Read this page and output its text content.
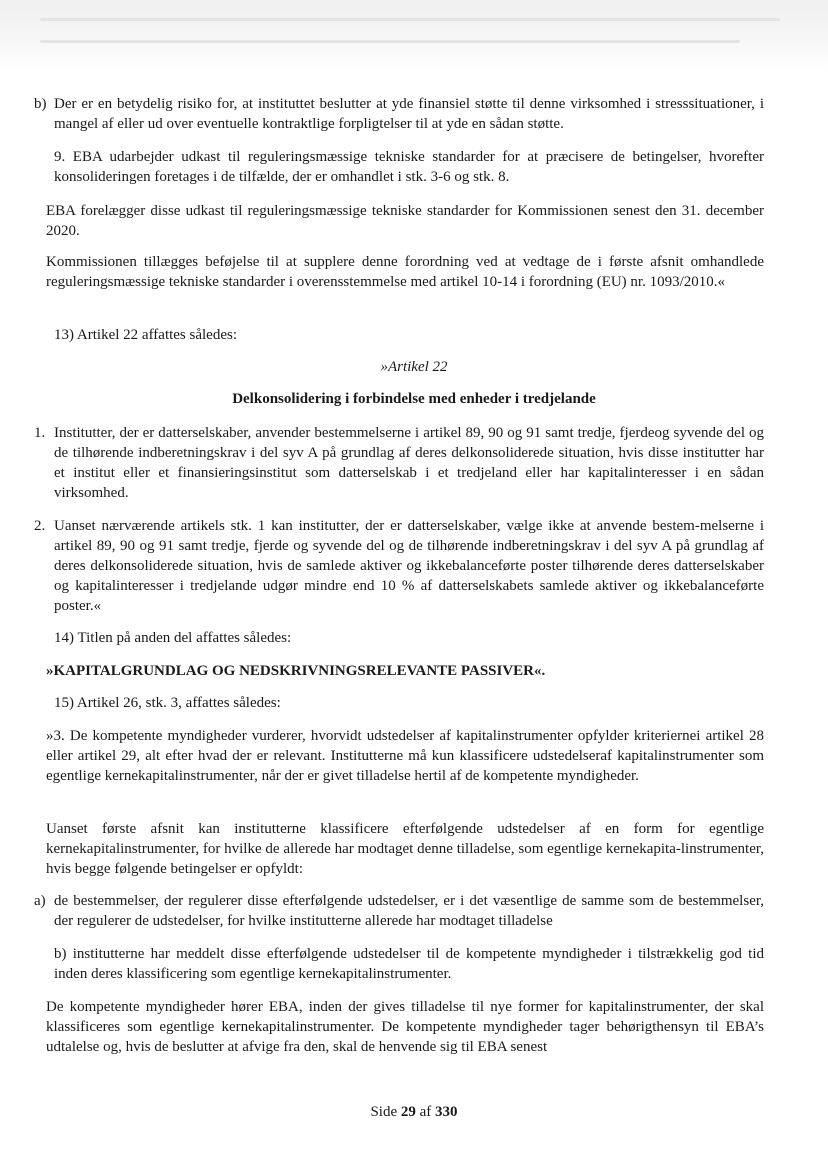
b) Der er en betydelig risiko for, at instituttet beslutter at yde finansiel støtte til denne virksomhed i stresssituationer, i mangel af eller ud over eventuelle kontraktlige forpligtelser til at yde en sådan støtte.
9. EBA udarbejder udkast til reguleringsmæssige tekniske standarder for at præcisere de betingelser, hvorefter konsolideringen foretages i de tilfælde, der er omhandlet i stk. 3-6 og stk. 8.
EBA forelægger disse udkast til reguleringsmæssige tekniske standarder for Kommissionen senest den 31. december 2020.
Kommissionen tillægges beføjelse til at supplere denne forordning ved at vedtage de i første afsnit omhandlede reguleringsmæssige tekniske standarder i overensstemmelse med artikel 10-14 i forordning (EU) nr. 1093/2010.«
13) Artikel 22 affattes således:
»Artikel 22
Delkonsolidering i forbindelse med enheder i tredjelande
1. Institutter, der er datterselskaber, anvender bestemmelserne i artikel 89, 90 og 91 samt tredje, fjerdeog syvende del og de tilhørende indberetningskrav i del syv A på grundlag af deres delkonsoliderede situation, hvis disse institutter har et institut eller et finansieringsinstitut som datterselskab i et tredjeland eller har kapitalinteresser i en sådan virksomhed.
2. Uanset nærværende artikels stk. 1 kan institutter, der er datterselskaber, vælge ikke at anvende bestem-melserne i artikel 89, 90 og 91 samt tredje, fjerde og syvende del og de tilhørende indberetningskrav i del syv A på grundlag af deres delkonsoliderede situation, hvis de samlede aktiver og ikkebalanceførte poster tilhørende deres datterselskaber og kapitalinteresser i tredjelande udgør mindre end 10 % af datterselskabets samlede aktiver og ikkebalanceførte poster.«
14) Titlen på anden del affattes således:
»KAPITALGRUNDLAG OG NEDSKRIVNINGSRELEVANTE PASSIVER«.
15) Artikel 26, stk. 3, affattes således:
»3. De kompetente myndigheder vurderer, hvorvidt udstedelser af kapitalinstrumenter opfylder kriteriernei artikel 28 eller artikel 29, alt efter hvad der er relevant. Institutterne må kun klassificere udstedelseraf kapitalinstrumenter som egentlige kernekapitalinstrumenter, når der er givet tilladelse hertil af de kompetente myndigheder.
Uanset første afsnit kan institutterne klassificere efterfølgende udstedelser af en form for egentlige kernekapitalinstrumenter, for hvilke de allerede har modtaget denne tilladelse, som egentlige kernekapita-linstrumenter, hvis begge følgende betingelser er opfyldt:
a) de bestemmelser, der regulerer disse efterfølgende udstedelser, er i det væsentlige de samme som de bestemmelser, der regulerer de udstedelser, for hvilke institutterne allerede har modtaget tilladelse
b) institutterne har meddelt disse efterfølgende udstedelser til de kompetente myndigheder i tilstrækkelig god tid inden deres klassificering som egentlige kernekapitalinstrumenter.
De kompetente myndigheder hører EBA, inden der gives tilladelse til nye former for kapitalinstrumenter, der skal klassificeres som egentlige kernekapitalinstrumenter. De kompetente myndigheder tager behørigthensyn til EBA’s udtalelse og, hvis de beslutter at afvige fra den, skal de henvende sig til EBA senest
Side 29 af 330
